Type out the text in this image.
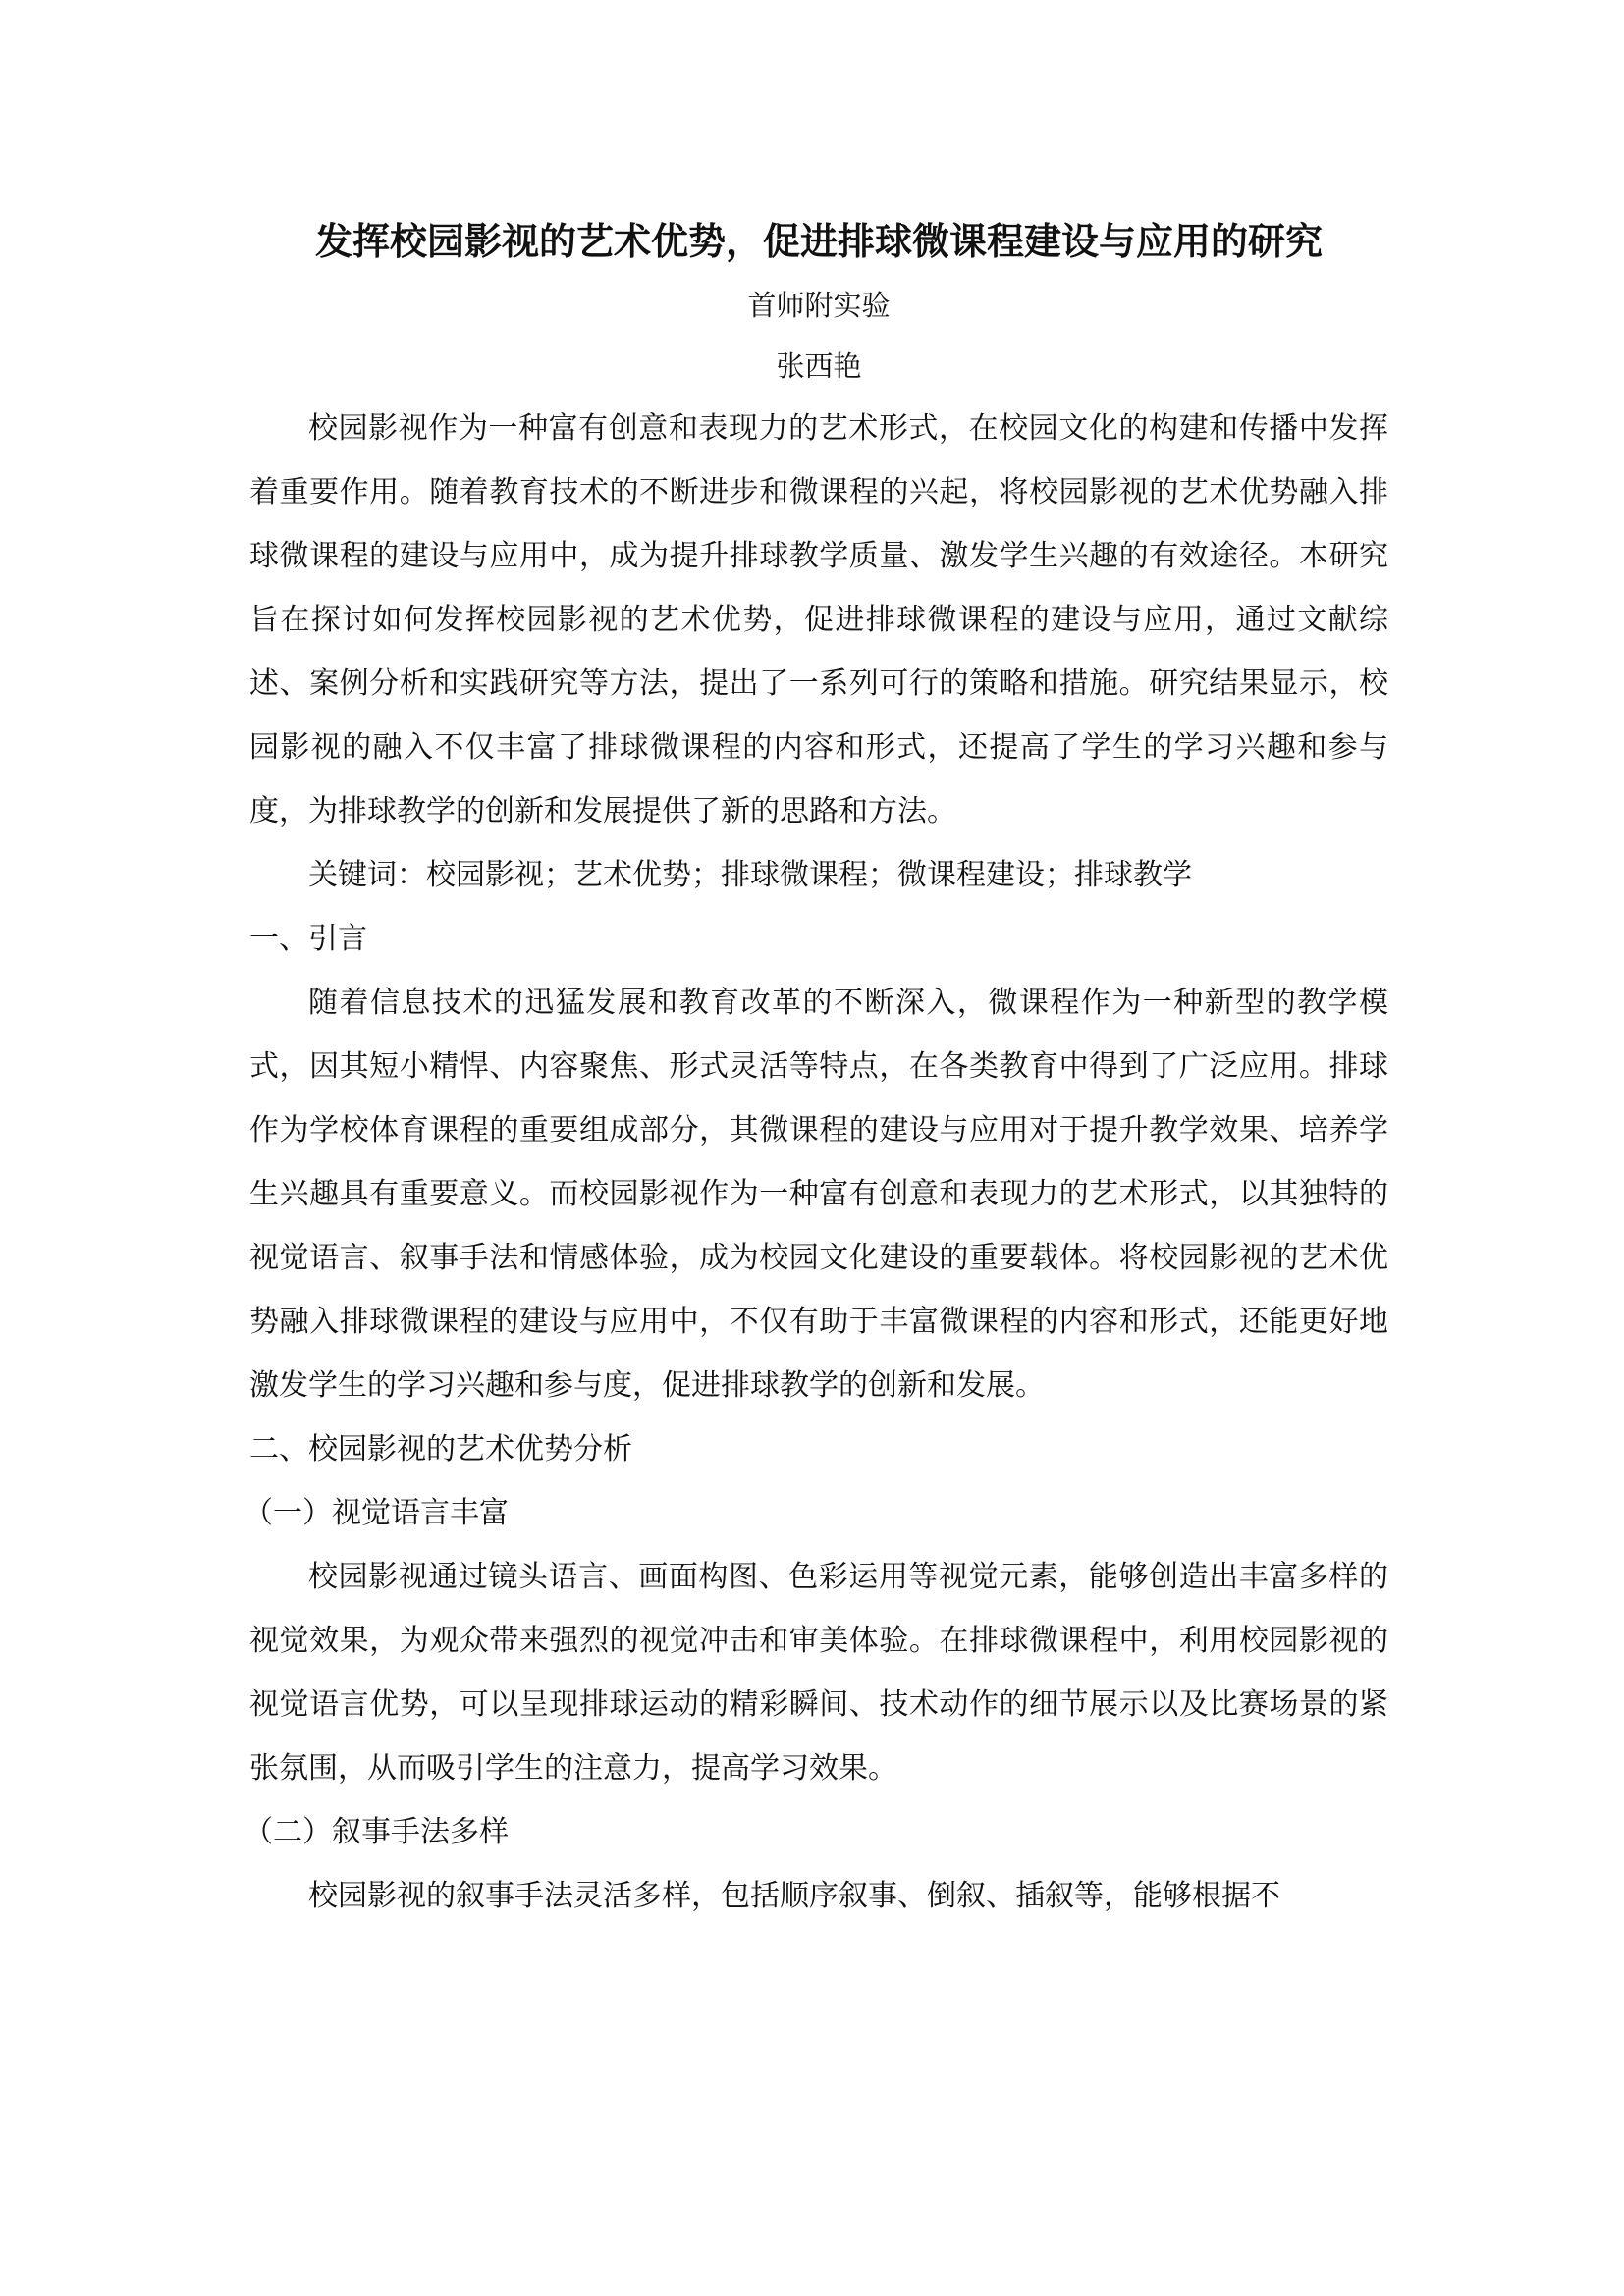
发挥校园影视的艺术优势，促进排球微课程建设与应用的研究
首师附实验
张西艳

校园影视作为一种富有创意和表现力的艺术形式，在校园文化的构建和传播中发挥着重要作用。随着教育技术的不断进步和微课程的兴起，将校园影视的艺术优势融入排球微课程的建设与应用中，成为提升排球教学质量、激发学生兴趣的有效途径。本研究旨在探讨如何发挥校园影视的艺术优势，促进排球微课程的建设与应用，通过文献综述、案例分析和实践研究等方法，提出了一系列可行的策略和措施。研究结果显示，校园影视的融入不仅丰富了排球微课程的内容和形式，还提高了学生的学习兴趣和参与度，为排球教学的创新和发展提供了新的思路和方法。

关键词：校园影视；艺术优势；排球微课程；微课程建设；排球教学

一、引言

随着信息技术的迅猛发展和教育改革的不断深入，微课程作为一种新型的教学模式，因其短小精悍、内容聚焦、形式灵活等特点，在各类教育中得到了广泛应用。排球作为学校体育课程的重要组成部分，其微课程的建设与应用对于提升教学效果、培养学生兴趣具有重要意义。而校园影视作为一种富有创意和表现力的艺术形式，以其独特的视觉语言、叙事手法和情感体验，成为校园文化建设的重要载体。将校园影视的艺术优势融入排球微课程的建设与应用中，不仅有助于丰富微课程的内容和形式，还能更好地激发学生的学习兴趣和参与度，促进排球教学的创新和发展。

二、校园影视的艺术优势分析

（一）视觉语言丰富

校园影视通过镜头语言、画面构图、色彩运用等视觉元素，能够创造出丰富多样的视觉效果，为观众带来强烈的视觉冲击和审美体验。在排球微课程中，利用校园影视的视觉语言优势，可以呈现排球运动的精彩瞬间、技术动作的细节展示以及比赛场景的紧张氛围，从而吸引学生的注意力，提高学习效果。

（二）叙事手法多样

校园影视的叙事手法灵活多样，包括顺序叙事、倒叙、插叙等，能够根据不
